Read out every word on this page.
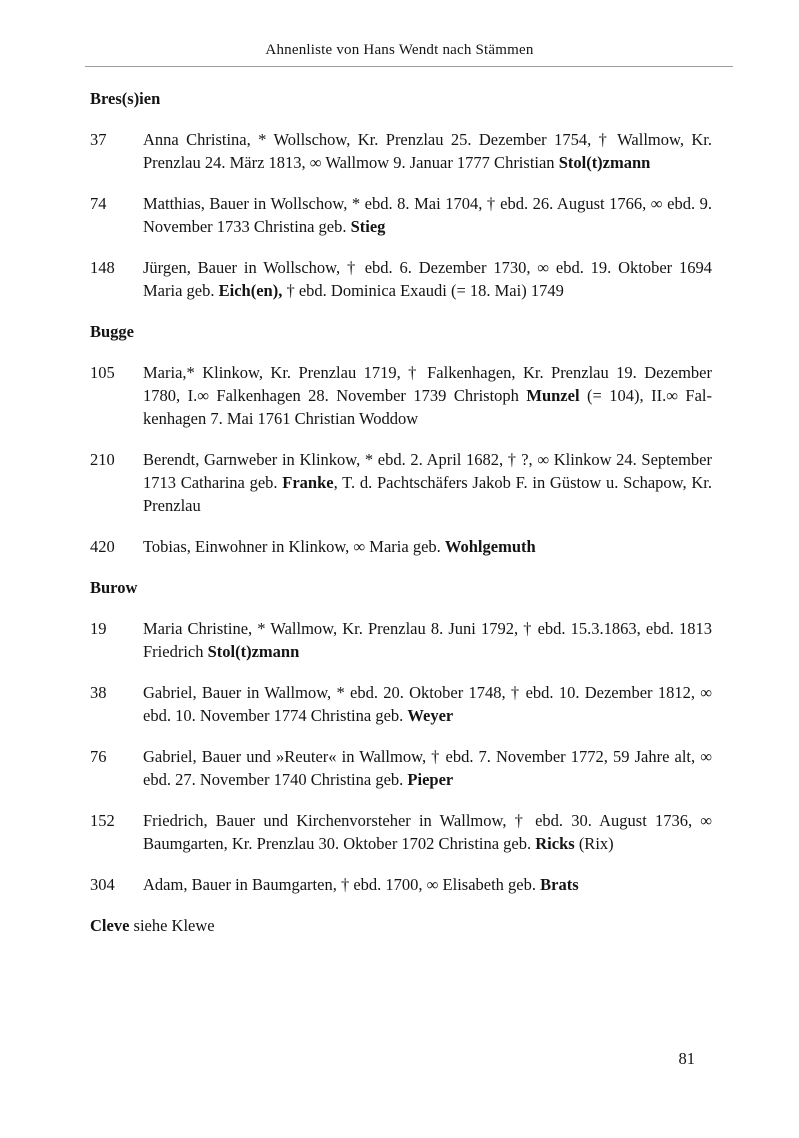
Ahnenliste von Hans Wendt nach Stämmen
Bres(s)ien
37	Anna Christina, * Wollschow, Kr. Prenzlau 25. Dezember 1754, † Wallmow, Kr. Prenzlau 24. März 1813, ∞ Wallmow 9. Januar 1777 Christian Stol(t)zmann
74	Matthias, Bauer in Wollschow, * ebd. 8. Mai 1704, † ebd. 26. August 1766, ∞ ebd. 9. November 1733 Christina geb. Stieg
148	Jürgen, Bauer in Wollschow, † ebd. 6. Dezember 1730, ∞ ebd. 19. Oktober 1694 Maria geb. Eich(en), † ebd. Dominica Exaudi (= 18. Mai) 1749
Bugge
105	Maria,* Klinkow, Kr. Prenzlau 1719, † Falkenhagen, Kr. Prenzlau 19. Dezember 1780, I.∞ Falkenhagen 28. November 1739 Christoph Munzel (= 104), II.∞ Falkenhagen 7. Mai 1761 Christian Woddow
210	Berendt, Garnweber in Klinkow, * ebd. 2. April 1682, † ?, ∞ Klinkow 24. September 1713 Catharina geb. Franke, T. d. Pachtschäfers Jakob F. in Güstow u. Schapow, Kr. Prenzlau
420	Tobias, Einwohner in Klinkow, ∞ Maria geb. Wohlgemuth
Burow
19	Maria Christine, * Wallmow, Kr. Prenzlau 8. Juni 1792, † ebd. 15.3.1863, ebd. 1813 Friedrich Stol(t)zmann
38	Gabriel, Bauer in Wallmow, * ebd. 20. Oktober 1748, † ebd. 10. Dezember 1812, ∞ ebd. 10. November 1774 Christina geb. Weyer
76	Gabriel, Bauer und »Reuter« in Wallmow, † ebd. 7. November 1772, 59 Jahre alt, ∞ ebd. 27. November 1740 Christina geb. Pieper
152	Friedrich, Bauer und Kirchenvorsteher in Wallmow, † ebd. 30. August 1736, ∞ Baumgarten, Kr. Prenzlau 30. Oktober 1702 Christina geb. Ricks (Rix)
304	Adam, Bauer in Baumgarten, † ebd. 1700, ∞ Elisabeth geb. Brats
Cleve siehe Klewe
81
